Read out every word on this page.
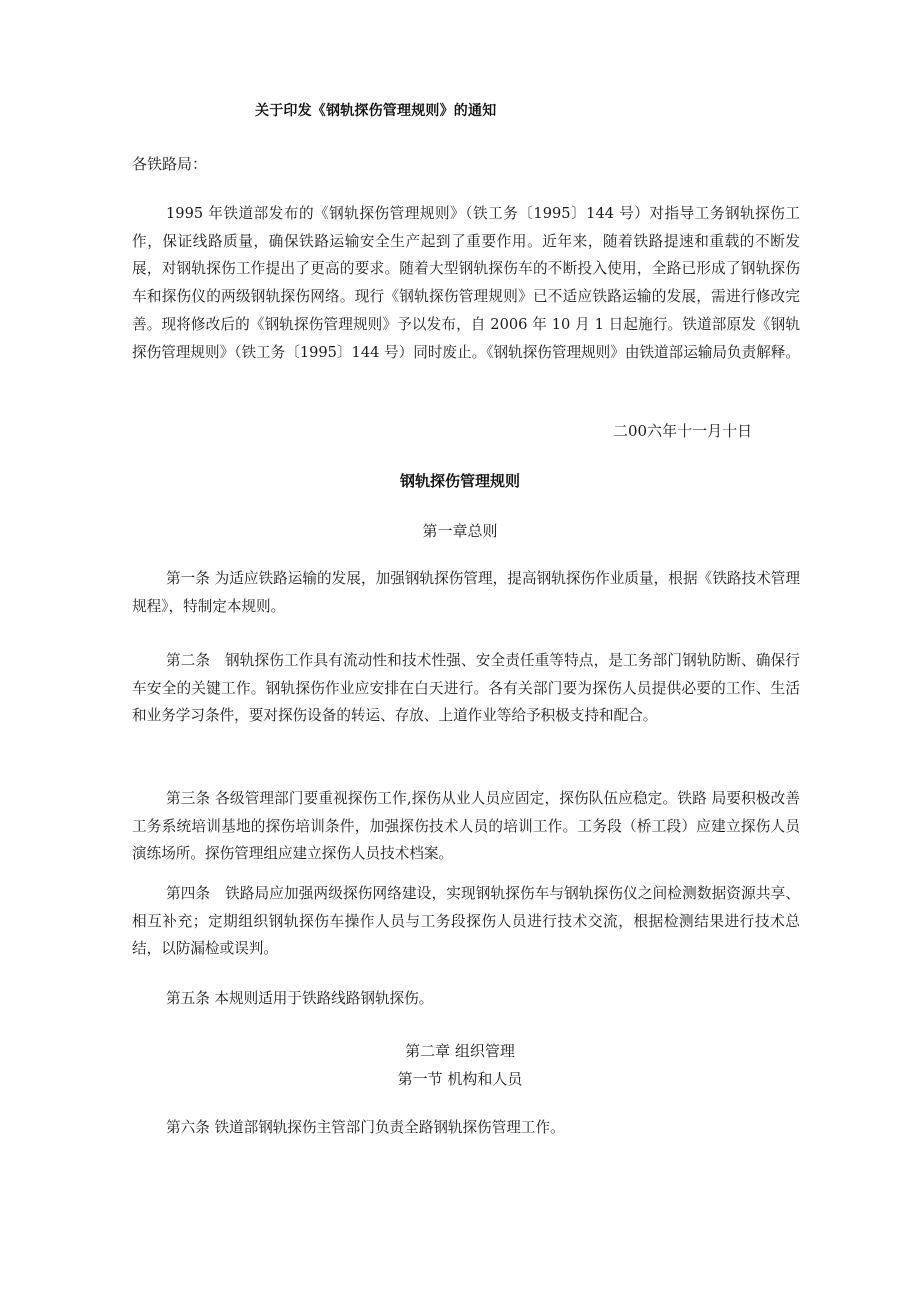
关于印发《钢轨探伤管理规则》的通知
各铁路局：

1995 年铁道部发布的《钢轨探伤管理规则》（铁工务〔1995〕144 号）对指导工务钢轨探伤工作，保证线路质量，确保铁路运输安全生产起到了重要作用。近年来，随着铁路提速和重载的不断发展，对钢轨探伤工作提出了更高的要求。随着大型钢轨探伤车的不断投入使用，全路已形成了钢轨探伤车和探伤仪的两级钢轨探伤网络。现行《钢轨探伤管理规则》已不适应铁路运输的发展，需进行修改完善。现将修改后的《钢轨探伤管理规则》予以发布，自 2006 年 10 月 1 日起施行。铁道部原发《钢轨探伤管理规则》（铁工务〔1995〕144 号）同时废止。《钢轨探伤管理规则》由铁道部运输局负责解释。

二00六年十一月十日
钢轨探伤管理规则
第一章总则

第一条 为适应铁路运输的发展，加强钢轨探伤管理，提高钢轨探伤作业质量，根据《铁路技术管理规程》，特制定本规则。

第二条　钢轨探伤工作具有流动性和技术性强、安全责任重等特点，是工务部门钢轨防断、确保行车安全的关键工作。钢轨探伤作业应安排在白天进行。各有关部门要为探伤人员提供必要的工作、生活和业务学习条件，要对探伤设备的转运、存放、上道作业等给予积极支持和配合。

第三条 各级管理部门要重视探伤工作,探伤从业人员应固定，探伤队伍应稳定。铁路 局要积极改善工务系统培训基地的探伤培训条件，加强探伤技术人员的培训工作。工务段（桥工段）应建立探伤人员演练场所。探伤管理组应建立探伤人员技术档案。

第四条　铁路局应加强两级探伤网络建设，实现钢轨探伤车与钢轨探伤仪之间检测数据资源共享、相互补充；定期组织钢轨探伤车操作人员与工务段探伤人员进行技术交流，根据检测结果进行技术总结，以防漏检或误判。

第五条 本规则适用于铁路线路钢轨探伤。

第二章 组织管理
第一节 机构和人员

第六条 铁道部钢轨探伤主管部门负责全路钢轨探伤管理工作。
